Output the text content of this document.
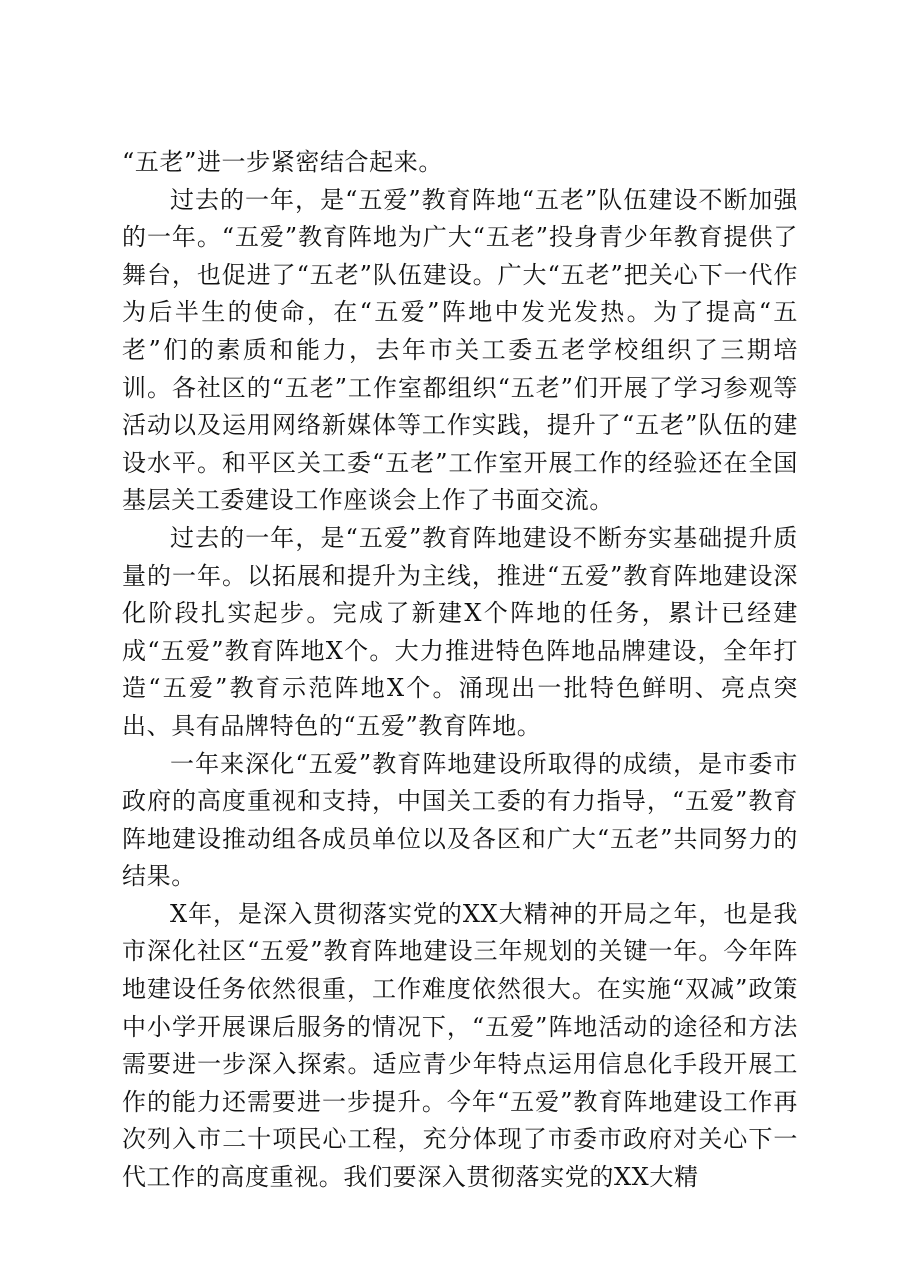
“五老”进一步紧密结合起来。

过去的一年，是“五爱”教育阵地“五老”队伍建设不断加强的一年。“五爱”教育阵地为广大“五老”投身青少年教育提供了舞台，也促进了“五老”队伍建设。广大“五老”把关心下一代作为后半生的使命，在“五爱”阵地中发光发热。为了提高“五老”们的素质和能力，去年市关工委五老学校组织了三期培训。各社区的“五老”工作室都组织“五老”们开展了学习参观等活动以及运用网络新媒体等工作实践，提升了“五老”队伍的建设水平。和平区关工委“五老”工作室开展工作的经验还在全国基层关工委建设工作座谈会上作了书面交流。

过去的一年，是“五爱”教育阵地建设不断夯实基础提升质量的一年。以拓展和提升为主线，推进“五爱”教育阵地建设深化阶段扎实起步。完成了新建X个阵地的任务，累计已经建成“五爱”教育阵地X个。大力推进特色阵地品牌建设，全年打造“五爱”教育示范阵地X个。涌现出一批特色鲜明、亮点突出、具有品牌特色的“五爱”教育阵地。

一年来深化“五爱”教育阵地建设所取得的成绩，是市委市政府的高度重视和支持，中国关工委的有力指导，“五爱”教育阵地建设推动组各成员单位以及各区和广大“五老”共同努力的结果。

X年，是深入贯彻落实党的XX大精神的开局之年，也是我市深化社区“五爱”教育阵地建设三年规划的关键一年。今年阵地建设任务依然很重，工作难度依然很大。在实施“双减”政策中小学开展课后服务的情况下，“五爱”阵地活动的途径和方法需要进一步深入探索。适应青少年特点运用信息化手段开展工作的能力还需要进一步提升。今年“五爱”教育阵地建设工作再次列入市二十项民心工程，充分体现了市委市政府对关心下一代工作的高度重视。我们要深入贯彻落实党的XX大精
